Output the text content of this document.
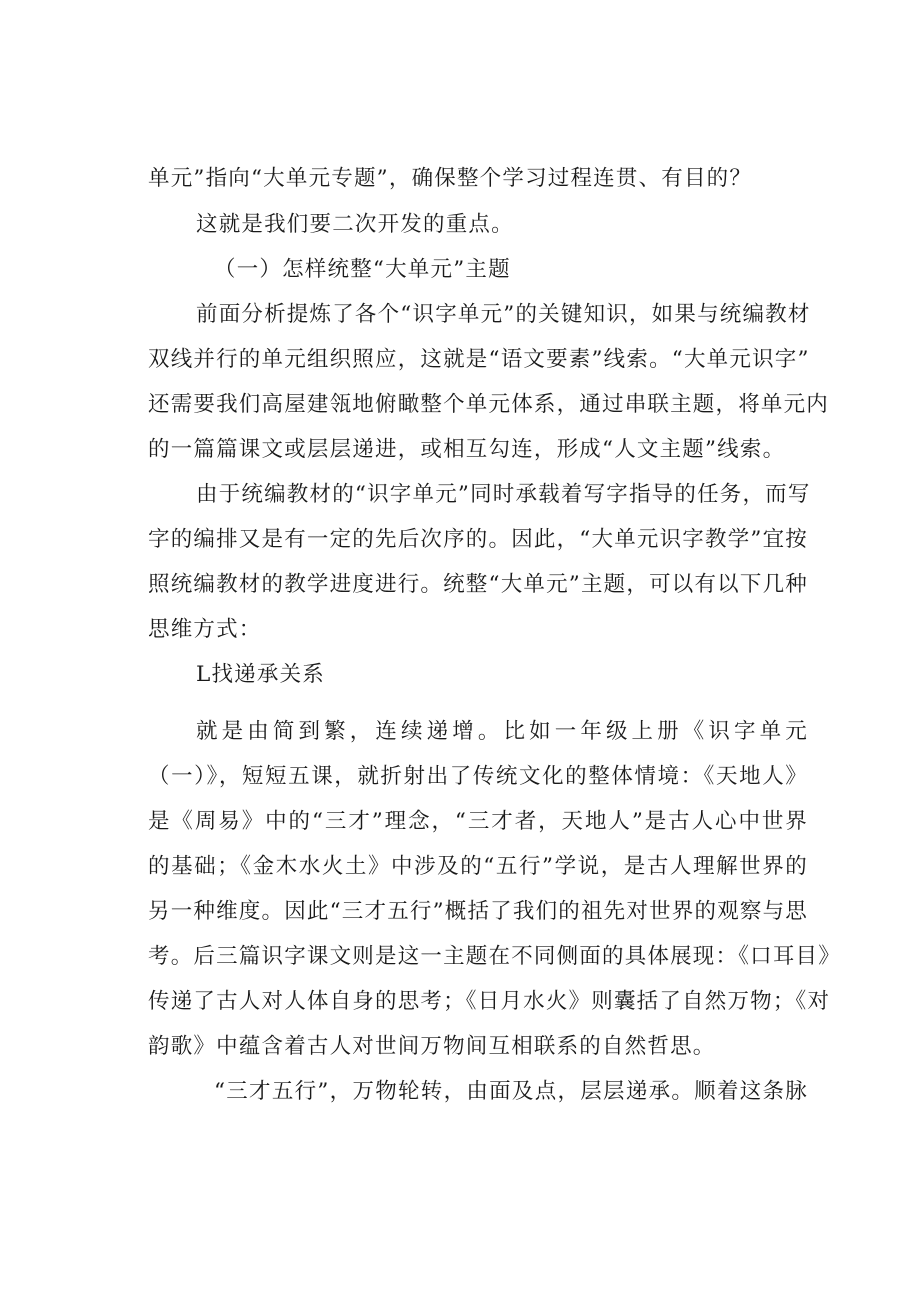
单元”指向“大单元专题”，确保整个学习过程连贯、有目的？
这就是我们要二次开发的重点。
（一）怎样统整“大单元”主题
前面分析提炼了各个“识字单元”的关键知识，如果与统编教材
双线并行的单元组织照应，这就是“语文要素”线索。“大单元识字”
还需要我们高屋建瓴地俯瞰整个单元体系，通过串联主题，将单元内
的一篇篇课文或层层递进，或相互勾连，形成“人文主题”线索。
由于统编教材的“识字单元”同时承载着写字指导的任务，而写
字的编排又是有一定的先后次序的。因此，“大单元识字教学”宜按
照统编教材的教学进度进行。统整“大单元”主题，可以有以下几种
思维方式：
L找递承关系
就是由简到繁，连续递增。比如一年级上册《识字单元
（一）》，短短五课，就折射出了传统文化的整体情境：《天地人》
是《周易》中的“三才”理念，“三才者，天地人”是古人心中世界
的基础；《金木水火土》中涉及的“五行”学说，是古人理解世界的
另一种维度。因此“三才五行”概括了我们的祖先对世界的观察与思
考。后三篇识字课文则是这一主题在不同侧面的具体展现：《口耳目》
传递了古人对人体自身的思考；《日月水火》则囊括了自然万物；《对
韵歌》中蕴含着古人对世间万物间互相联系的自然哲思。
“三才五行”，万物轮转，由面及点，层层递承。顺着这条脉
